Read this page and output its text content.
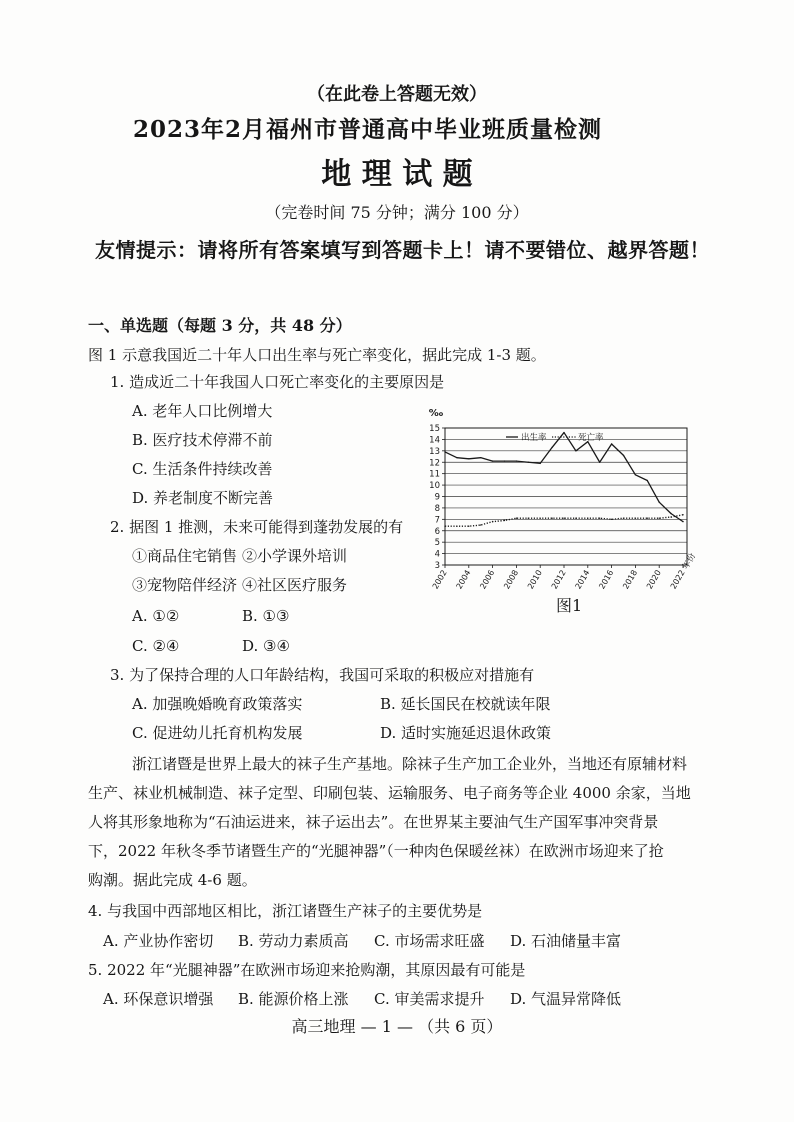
（在此卷上答题无效）
2023年2月福州市普通高中毕业班质量检测
地 理 试 题
（完卷时间 75 分钟；满分 100 分）
友情提示：请将所有答案填写到答题卡上！请不要错位、越界答题！
一、单选题（每题 3 分，共 48 分）
图 1 示意我国近二十年人口出生率与死亡率变化，据此完成 1-3 题。
1. 造成近二十年我国人口死亡率变化的主要原因是
A. 老年人口比例增大
B. 医疗技术停滞不前
C. 生活条件持续改善
D. 养老制度不断完善
2. 据图 1 推测，未来可能得到蓬勃发展的有
①商品住宅销售 ②小学课外培训
③宠物陪伴经济 ④社区医疗服务
A. ①②	B. ①③
C. ②④	D. ③④
3. 为了保持合理的人口年龄结构，我国可采取的积极应对措施有
A. 加强晚婚晚育政策落实	B. 延长国民在校就读年限
C. 促进幼儿托育机构发展	D. 适时实施延迟退休政策
浙江诸暨是世界上最大的袜子生产基地。除袜子生产加工企业外，当地还有原辅材料
生产、袜业机械制造、袜子定型、印刷包装、运输服务、电子商务等企业 4000 余家，当地
人将其形象地称为“石油运进来，袜子运出去”。在世界某主要油气生产国军事冲突背景
下，2022 年秋冬季节诸暨生产的“光腿神器”（一种肉色保暖丝袜）在欧洲市场迎来了抢
购潮。据此完成 4-6 题。
4. 与我国中西部地区相比，浙江诸暨生产袜子的主要优势是
A. 产业协作密切 B. 劳动力素质高 C. 市场需求旺盛 D. 石油储量丰富
5. 2022 年“光腿神器”在欧洲市场迎来抢购潮，其原因最有可能是
A. 环保意识增强 B. 能源价格上涨 C. 审美需求提升 D. 气温异常降低
高三地理 — 1 — （共 6 页）
3
4
5
6
7
8
9
10
11
12
13
14
15
‰
2002 2004 2006 2008 2010 2012 2014 2016 2018 2020 2022
年份
出生率	死亡率
图1
